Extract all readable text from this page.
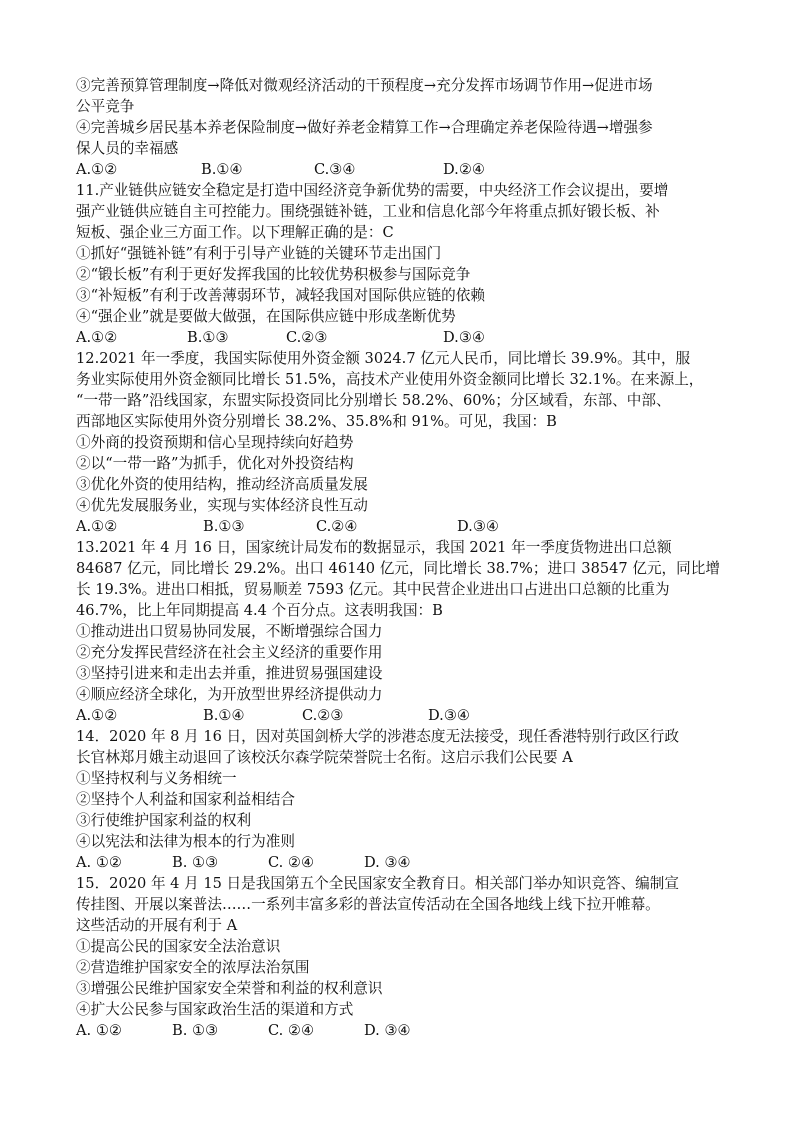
③完善预算管理制度→降低对微观经济活动的干预程度→充分发挥市场调节作用→促进市场
公平竞争
④完善城乡居民基本养老保险制度→做好养老金精算工作→合理确定养老保险待遇→增强参
保人员的幸福感
A.①②	B.①④	C.③④	D.②④
11.产业链供应链安全稳定是打造中国经济竞争新优势的需要，中央经济工作会议提出，要增
强产业链供应链自主可控能力。围绕强链补链，工业和信息化部今年将重点抓好锻长板、补
短板、强企业三方面工作。以下理解正确的是：C
①抓好“强链补链”有利于引导产业链的关键环节走出国门
②“锻长板”有利于更好发挥我国的比较优势积极参与国际竞争
③“补短板”有利于改善薄弱环节，减轻我国对国际供应链的依赖
④“强企业”就是要做大做强，在国际供应链中形成垄断优势
A.①②	B.①③	C.②③	D.③④
12.2021 年一季度，我国实际使用外资金额 3024.7 亿元人民币，同比增长 39.9%。其中，服
务业实际使用外资金额同比增长 51.5%，高技术产业使用外资金额同比增长 32.1%。在来源上，
“一带一路”沿线国家，东盟实际投资同比分别增长 58.2%、60%；分区域看，东部、中部、
西部地区实际使用外资分别增长 38.2%、35.8%和 91%。可见，我国：B
①外商的投资预期和信心呈现持续向好趋势
②以“一带一路”为抓手，优化对外投资结构
③优化外资的使用结构，推动经济高质量发展
④优先发展服务业，实现与实体经济良性互动
A.①②	B.①③	C.②④	D.③④
13.2021 年 4 月 16 日，国家统计局发布的数据显示，我国 2021 年一季度货物进出口总额
84687 亿元，同比增长 29.2%。出口 46140 亿元，同比增长 38.7%；进口 38547 亿元，同比增
长 19.3%。进出口相抵，贸易顺差 7593 亿元。其中民营企业进出口占进出口总额的比重为
46.7%，比上年同期提高 4.4 个百分点。这表明我国：B
①推动进出口贸易协同发展，不断增强综合国力
②充分发挥民营经济在社会主义经济的重要作用
③坚持引进来和走出去并重，推进贸易强国建设
④顺应经济全球化，为开放型世界经济提供动力
A.①②	B.①④	C.②③	D.③④
14．2020 年 8 月 16 日，因对英国剑桥大学的涉港态度无法接受，现任香港特别行政区行政
长官林郑月娥主动退回了该校沃尔森学院荣誉院士名衔。这启示我们公民要 A
①坚持权利与义务相统一
②坚持个人利益和国家利益相结合
③行使维护国家利益的权利
④以宪法和法律为根本的行为准则
A. ①②	B. ①③	C. ②④	D. ③④
15．2020 年 4 月 15 日是我国第五个全民国家安全教育日。相关部门举办知识竞答、编制宣
传挂图、开展以案普法……一系列丰富多彩的普法宣传活动在全国各地线上线下拉开帷幕。
这些活动的开展有利于 A
①提高公民的国家安全法治意识
②营造维护国家安全的浓厚法治氛围
③增强公民维护国家安全荣誉和利益的权利意识
④扩大公民参与国家政治生活的渠道和方式
A. ①②	B. ①③	C. ②④	D. ③④
